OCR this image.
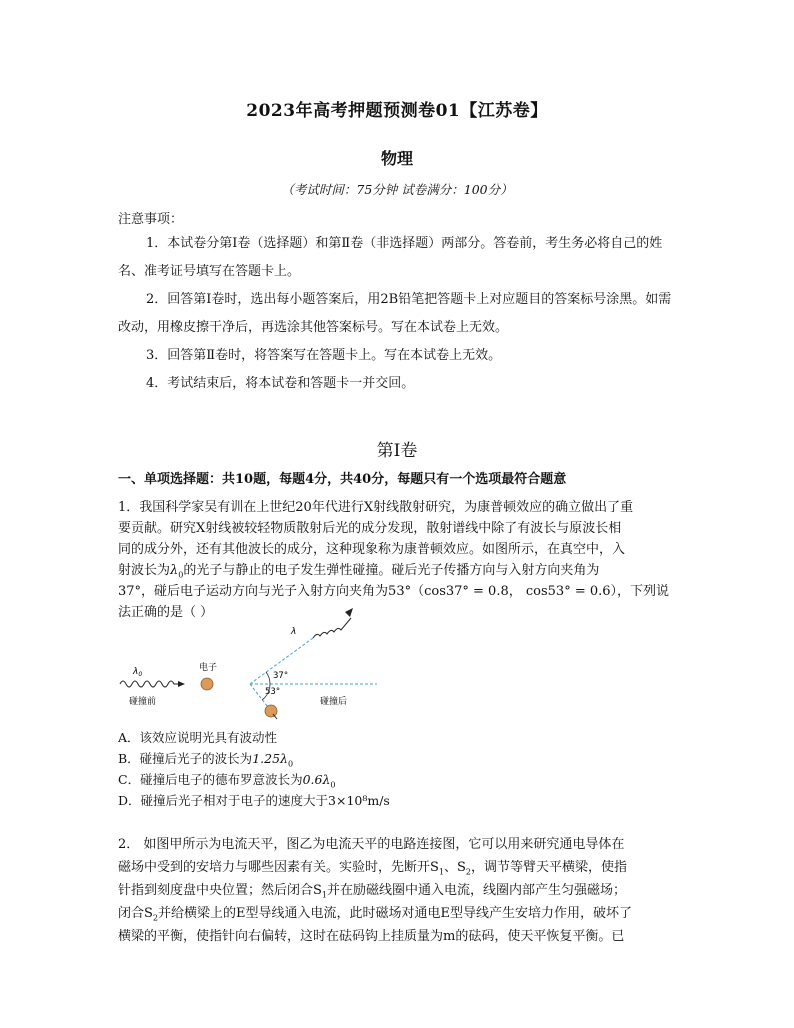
2023年高考押题预测卷01【江苏卷】
物理
（考试时间：75分钟 试卷满分：100分）
注意事项：
1．本试卷分第Ⅰ卷（选择题）和第Ⅱ卷（非选择题）两部分。答卷前，考生务必将自己的姓名、准考证号填写在答题卡上。
2．回答第Ⅰ卷时，选出每小题答案后，用2B铅笔把答题卡上对应题目的答案标号涂黑。如需改动，用橡皮擦干净后，再选涂其他答案标号。写在本试卷上无效。
3．回答第Ⅱ卷时，将答案写在答题卡上。写在本试卷上无效。
4．考试结束后，将本试卷和答题卡一并交回。
第Ⅰ卷
一、单项选择题：共10题，每题4分，共40分，每题只有一个选项最符合题意
1．我国科学家吴有训在上世纪20年代进行X射线散射研究，为康普顿效应的确立做出了重
要贡献。研究X射线被较轻物质散射后光的成分发现，散射谱线中除了有波长与原波长相
同的成分外，还有其他波长的成分，这种现象称为康普顿效应。如图所示，在真空中，入
射波长为$\lambda_0$的光子与静止的电子发生弹性碰撞。碰后光子传播方向与入射方向夹角为
37°，碰后电子运动方向与光子入射方向夹角为53°（cos37° = 0.8， cos53° = 0.6），下列说
法正确的是（ ）
$\lambda_0$
碰撞前
电子
λ
37°
53°
碰撞后
A．该效应说明光具有波动性
B．碰撞后光子的波长为$1.25\lambda_0$
C．碰撞后电子的德布罗意波长为$0.6\lambda_0$
D．碰撞后光子相对于电子的速度大于3×10⁸m/s
2． 如图甲所示为电流天平，图乙为电流天平的电路连接图，它可以用来研究通电导体在
磁场中受到的安培力与哪些因素有关。实验时，先断开$S_1$、$S_2$，调节等臂天平横梁，使指
针指到刻度盘中央位置；然后闭合$S_1$并在励磁线圈中通入电流，线圈内部产生匀强磁场；
闭合$S_2$并给横梁上的E型导线通入电流，此时磁场对通电E型导线产生安培力作用，破坏了
横梁的平衡，使指针向右偏转，这时在砝码钩上挂质量为m的砝码，使天平恢复平衡。已
